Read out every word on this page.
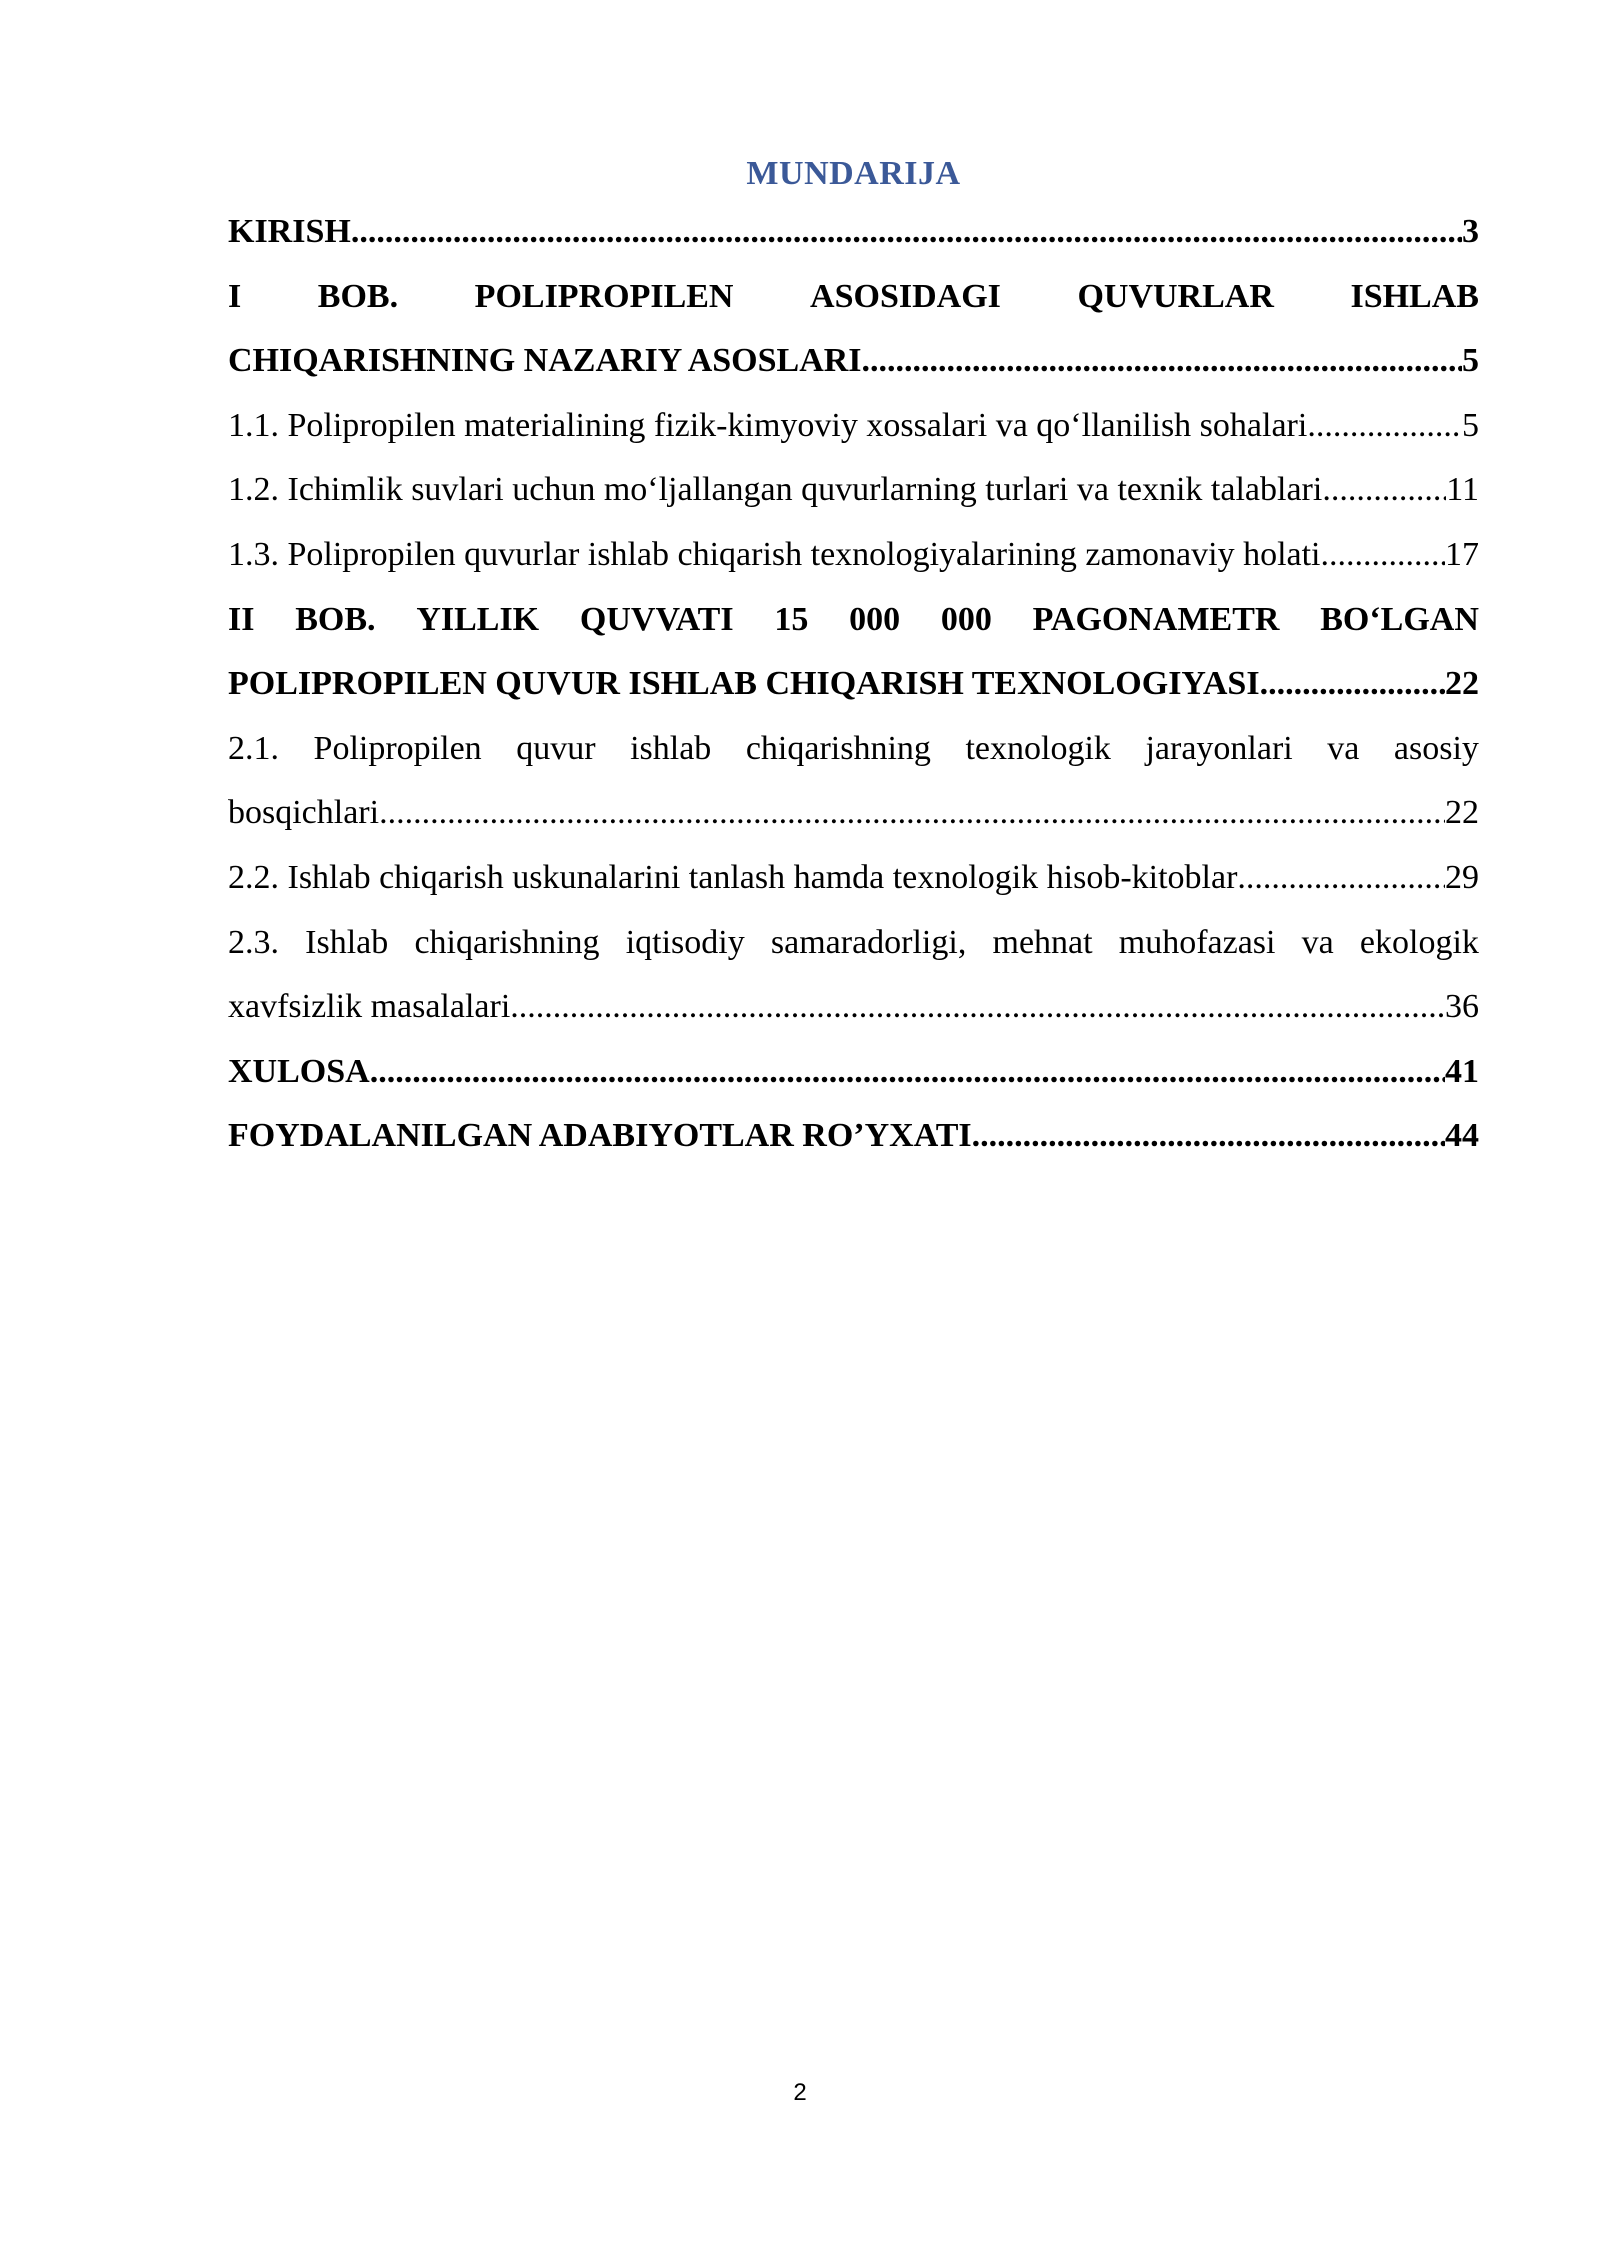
MUNDARIJA
KIRISH .....	3
I BOB. POLIPROPILEN ASOSIDAGI QUVURLAR ISHLAB
CHIQARISHNING NAZARIY ASOSLARI .....	5
1.1. Polipropilen materialining fizik-kimyoviy xossalari va qo‘llanilish sohalari .....	5
1.2. Ichimlik suvlari uchun mo‘ljallangan quvurlarning turlari va texnik talablari .....	11
1.3. Polipropilen quvurlar ishlab chiqarish texnologiyalarining zamonaviy holati .....	17
II BOB. YILLIK QUVVATI 15 000 000 PAGONAMETR BO‘LGAN
POLIPROPILEN QUVUR ISHLAB CHIQARISH TEXNOLOGIYASI .....	22
2.1. Polipropilen quvur ishlab chiqarishning texnologik jarayonlari va asosiy
bosqichlari .....	22
2.2. Ishlab chiqarish uskunalarini tanlash hamda texnologik hisob-kitoblar .....	29
2.3. Ishlab chiqarishning iqtisodiy samaradorligi, mehnat muhofazasi va ekologik
xavfsizlik masalalari .....	36
XULOSA .....	41
FOYDALANILGAN ADABIYOTLAR RO’YXATI .....	44
2
